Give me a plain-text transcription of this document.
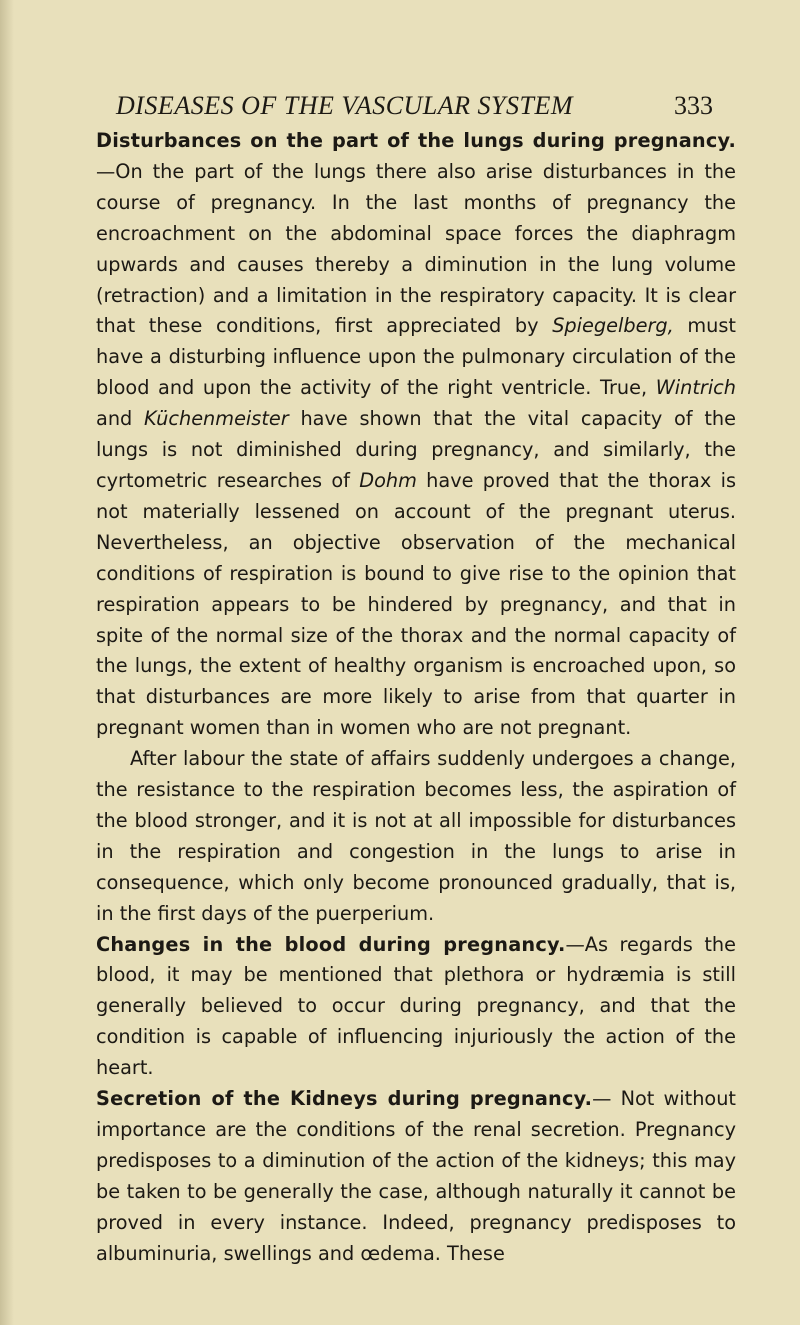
DISEASES OF THE VASCULAR SYSTEM	333

Disturbances on the part of the lungs during pregnancy.—On the part of the lungs there also arise disturbances in the course of pregnancy. In the last months of pregnancy the encroachment on the abdominal space forces the diaphragm upwards and causes thereby a diminution in the lung volume (retraction) and a limitation in the respiratory capacity. It is clear that these conditions, first appreciated by Spiegelberg, must have a disturbing influence upon the pulmonary circulation of the blood and upon the activity of the right ventricle. True, Wintrich and Küchenmeister have shown that the vital capacity of the lungs is not diminished during pregnancy, and similarly, the cyrtometric researches of Dohm have proved that the thorax is not materially lessened on account of the pregnant uterus. Nevertheless, an objective observation of the mechanical conditions of respiration is bound to give rise to the opinion that respiration appears to be hindered by pregnancy, and that in spite of the normal size of the thorax and the normal capacity of the lungs, the extent of healthy organism is encroached upon, so that disturbances are more likely to arise from that quarter in pregnant women than in women who are not pregnant.

After labour the state of affairs suddenly undergoes a change, the resistance to the respiration becomes less, the aspiration of the blood stronger, and it is not at all impossible for disturbances in the respiration and congestion in the lungs to arise in consequence, which only become pronounced gradually, that is, in the first days of the puerperium.

Changes in the blood during pregnancy.—As regards the blood, it may be mentioned that plethora or hydræmia is still generally believed to occur during pregnancy, and that the condition is capable of influencing injuriously the action of the heart.

Secretion of the Kidneys during pregnancy.— Not without importance are the conditions of the renal secretion. Pregnancy predisposes to a diminution of the action of the kidneys; this may be taken to be generally the case, although naturally it cannot be proved in every instance. Indeed, pregnancy predisposes to albuminuria, swellings and œdema. These
